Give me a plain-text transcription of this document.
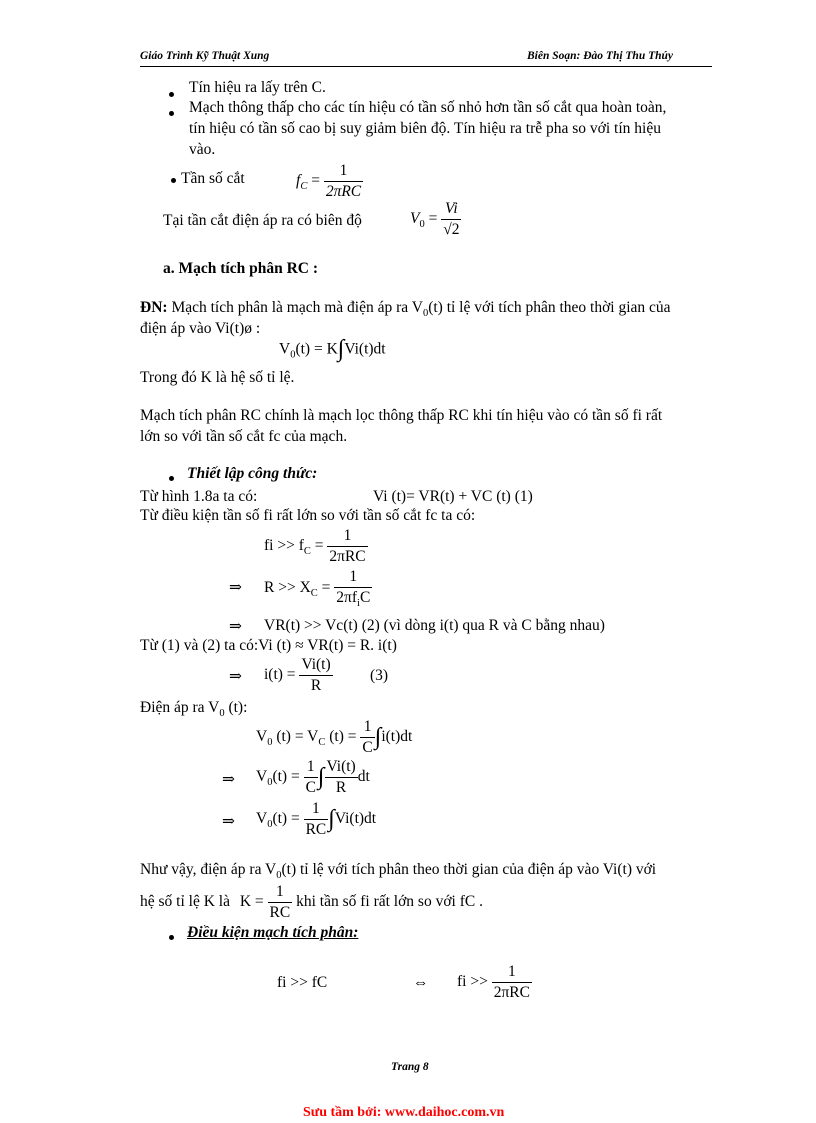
Giáo Trình Kỹ Thuật Xung	Biên Soạn: Đào Thị Thu Thúy
Tín hiệu ra lấy trên C.
Mạch thông thấp cho các tín hiệu có tần số nhỏ hơn tần số cắt qua hoàn toàn,
tín hiệu có tần số cao bị suy giảm biên độ. Tín hiệu ra trễ pha so với tín hiệu
vào.
Tần số cắt	$f_C = \frac{1}{\text{2πRC}}$
Tại tần cắt điện áp ra có biên độ	$V_0 = \frac{Vi}{√2}$
a. Mạch tích phân RC :
ĐN: Mạch tích phân là mạch mà điện áp ra $V_0(t)$ tỉ lệ với tích phân theo thời gian của
điện áp vào Vi(t)ø :
$V_0(t) = K\int Vi(t)dt$
Trong đó K là hệ số tỉ lệ.
Mạch tích phân RC chính là mạch lọc thông thấp RC khi tín hiệu vào có tần số fi rất
lớn so với tần số cắt fc của mạch.
Thiết lập công thức:
Từ hình 1.8a ta có:	Vi (t)= VR(t) + VC (t) (1)
Từ điều kiện tần số fi rất lớn so với tần số cắt fc ta có:
fi >> $f_C = \frac{1}{\text{2πRC}}$
⇒ $R >> X_C = \frac{1}{2\pi f_iC}$
⇒ VR(t) >> Vc(t) (2) (vì dòng i(t) qua R và C bằng nhau)
Từ (1) và (2) ta có:Vi (t) ≈ VR(t) = R. i(t)
⇒ $i(t) = \frac{Vi(t)}{R} (3)$
Điện áp ra $V_0$ (t):
$V_0$ $(t) = V_C$ $(t) = \frac{1}{C} \int i(t)dt$
⇒ $V_0(t) = \frac{1}{C}$ ∫ $\frac{Vi(t)}{R}$ dt
⇒ $V_0(t) = \frac{1}{RC} \int Vi(t)dt$
Như vậy, điện áp ra $V_0(t)$ tỉ lệ với tích phân theo thời gian của điện áp vào Vi(t) với
hệ số tỉ lệ K là $K = \frac{1}{RC}$ khi tần số fi rất lớn so với fC .
Điều kiện mạch tích phân:
fi >> fC	⇔ fi >> $\frac{1}{\text{2πRC}}$
Trang 8
Sưu tầm bởi: www.daihoc.com.vn
